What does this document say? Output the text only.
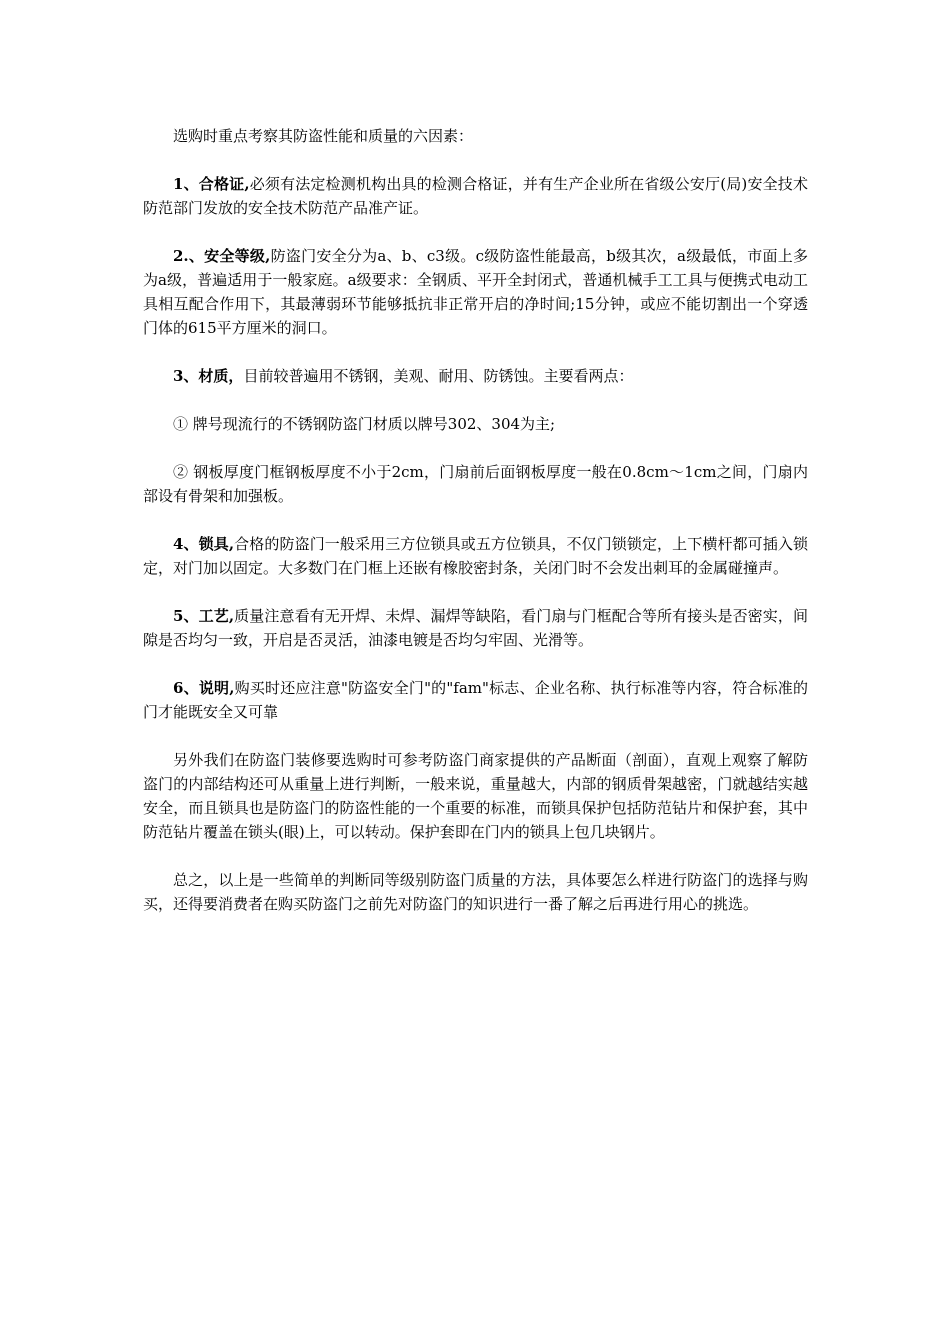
选购时重点考察其防盗性能和质量的六因素：

1、合格证,必须有法定检测机构出具的检测合格证，并有生产企业所在省级公安厅(局)安全技术防范部门发放的安全技术防范产品准产证。

2.、安全等级,防盗门安全分为a、b、c3级。c级防盗性能最高，b级其次，a级最低，市面上多为a级，普遍适用于一般家庭。a级要求：全钢质、平开全封闭式，普通机械手工工具与便携式电动工具相互配合作用下，其最薄弱环节能够抵抗非正常开启的净时间;15分钟，或应不能切割出一个穿透门体的615平方厘米的洞口。

3、材质，目前较普遍用不锈钢，美观、耐用、防锈蚀。主要看两点：

① 牌号现流行的不锈钢防盗门材质以牌号302、304为主;

② 钢板厚度门框钢板厚度不小于2cm，门扇前后面钢板厚度一般在0.8cm～1cm之间，门扇内部设有骨架和加强板。

4、锁具,合格的防盗门一般采用三方位锁具或五方位锁具，不仅门锁锁定，上下横杆都可插入锁定，对门加以固定。大多数门在门框上还嵌有橡胶密封条，关闭门时不会发出刺耳的金属碰撞声。

5、工艺,质量注意看有无开焊、未焊、漏焊等缺陷，看门扇与门框配合等所有接头是否密实，间隙是否均匀一致，开启是否灵活，油漆电镀是否均匀牢固、光滑等。

6、说明,购买时还应注意"防盗安全门"的"fam"标志、企业名称、执行标准等内容，符合标准的门才能既安全又可靠

另外我们在防盗门装修要选购时可参考防盗门商家提供的产品断面（剖面），直观上观察了解防盗门的内部结构还可从重量上进行判断，一般来说，重量越大，内部的钢质骨架越密，门就越结实越安全，而且锁具也是防盗门的防盗性能的一个重要的标准，而锁具保护包括防范钻片和保护套，其中防范钻片覆盖在锁头(眼)上，可以转动。保护套即在门内的锁具上包几块钢片。

总之，以上是一些简单的判断同等级别防盗门质量的方法，具体要怎么样进行防盗门的选择与购买，还得要消费者在购买防盗门之前先对防盗门的知识进行一番了解之后再进行用心的挑选。
